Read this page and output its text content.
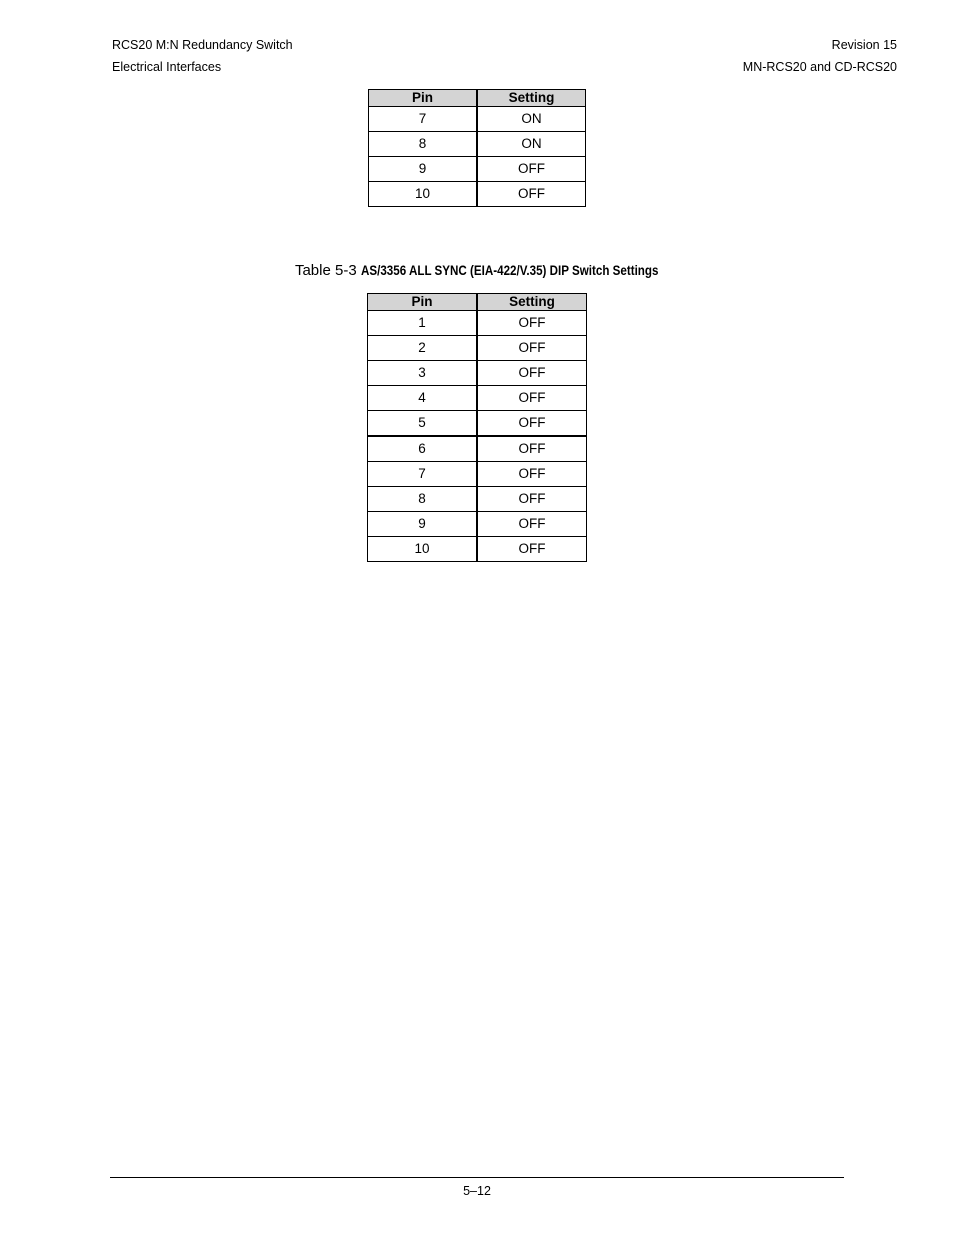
RCS20 M:N Redundancy Switch
Electrical Interfaces
Revision 15
MN-RCS20 and CD-RCS20
Pin	Setting
7	ON
8	ON
9	OFF
10	OFF
Table 5-3 AS/3356 ALL SYNC (EIA-422/V.35) DIP Switch Settings
Pin	Setting
1	OFF
2	OFF
3	OFF
4	OFF
5	OFF
6	OFF
7	OFF
8	OFF
9	OFF
10	OFF
5–12
